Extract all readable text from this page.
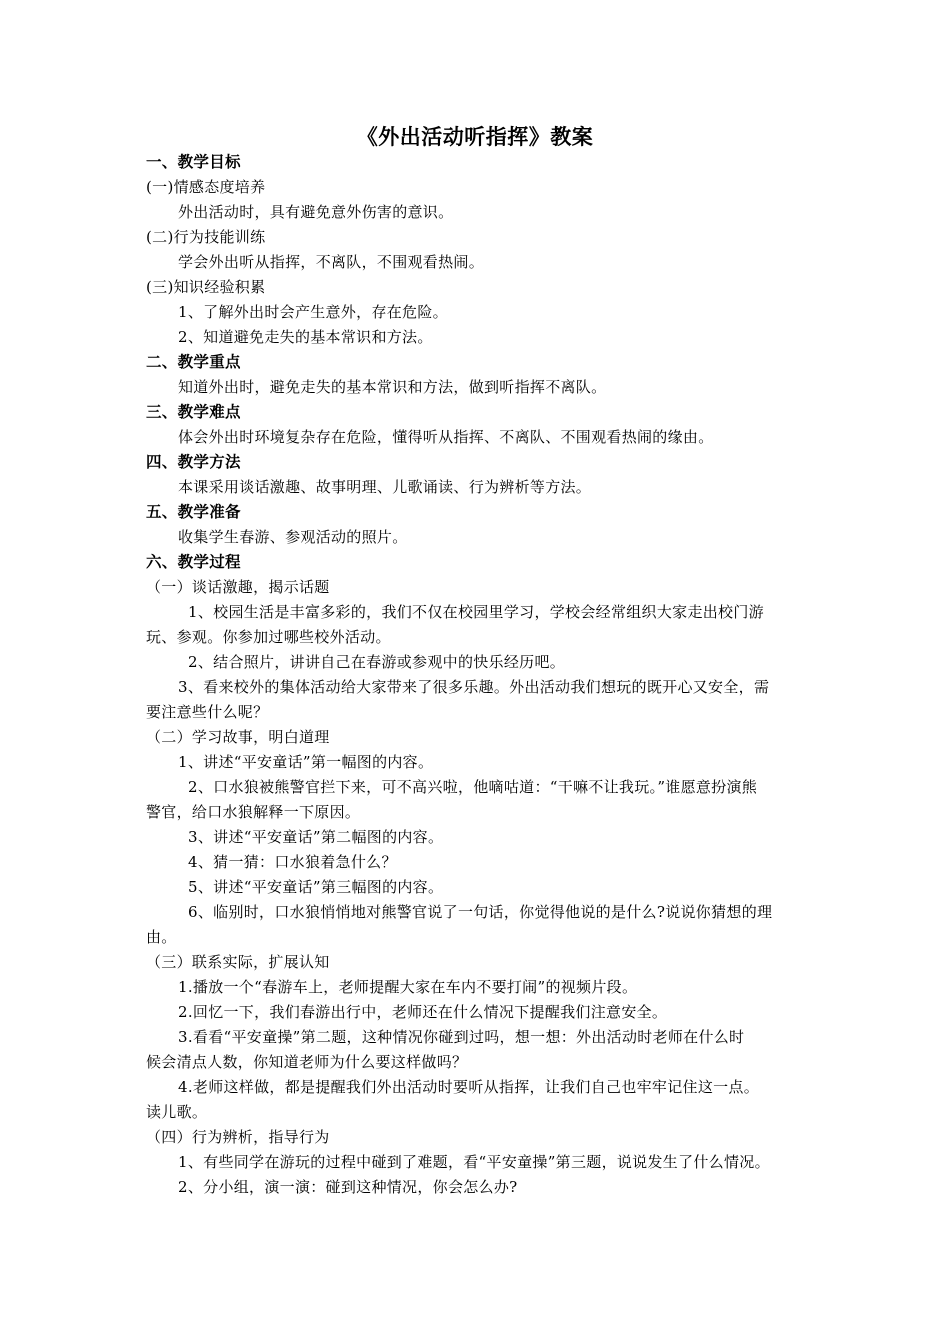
《外出活动听指挥》教案
一、教学目标
(一)情感态度培养
外出活动时，具有避免意外伤害的意识。
(二)行为技能训练
学会外出听从指挥，不离队，不围观看热闹。
(三)知识经验积累
1、了解外出时会产生意外，存在危险。
2、知道避免走失的基本常识和方法。
二、教学重点
知道外出时，避免走失的基本常识和方法，做到听指挥不离队。
三、教学难点
体会外出时环境复杂存在危险，懂得听从指挥、不离队、不围观看热闹的缘由。
四、教学方法
本课采用谈话激趣、故事明理、儿歌诵读、行为辨析等方法。
五、教学准备
收集学生春游、参观活动的照片。
六、教学过程
（一）谈话激趣，揭示话题
1、校园生活是丰富多彩的，我们不仅在校园里学习，学校会经常组织大家走出校门游
玩、参观。你参加过哪些校外活动。
2、结合照片，讲讲自己在春游或参观中的快乐经历吧。
3、看来校外的集体活动给大家带来了很多乐趣。外出活动我们想玩的既开心又安全，需
要注意些什么呢？
（二）学习故事，明白道理
1、讲述“平安童话”第一幅图的内容。
2、口水狼被熊警官拦下来，可不高兴啦，他嘀咕道：“干嘛不让我玩。”谁愿意扮演熊
警官，给口水狼解释一下原因。
3、讲述“平安童话”第二幅图的内容。
4、猜一猜：口水狼着急什么？
5、讲述“平安童话”第三幅图的内容。
6、临别时，口水狼悄悄地对熊警官说了一句话，你觉得他说的是什么?说说你猜想的理
由。
（三）联系实际，扩展认知
1.播放一个“春游车上，老师提醒大家在车内不要打闹”的视频片段。
2.回忆一下，我们春游出行中，老师还在什么情况下提醒我们注意安全。
3.看看“平安童操”第二题，这种情况你碰到过吗，想一想：外出活动时老师在什么时
候会清点人数，你知道老师为什么要这样做吗？
4.老师这样做，都是提醒我们外出活动时要听从指挥，让我们自己也牢牢记住这一点。
读儿歌。
（四）行为辨析，指导行为
1、有些同学在游玩的过程中碰到了难题，看“平安童操”第三题，说说发生了什么情况。
2、分小组，演一演：碰到这种情况，你会怎么办?
